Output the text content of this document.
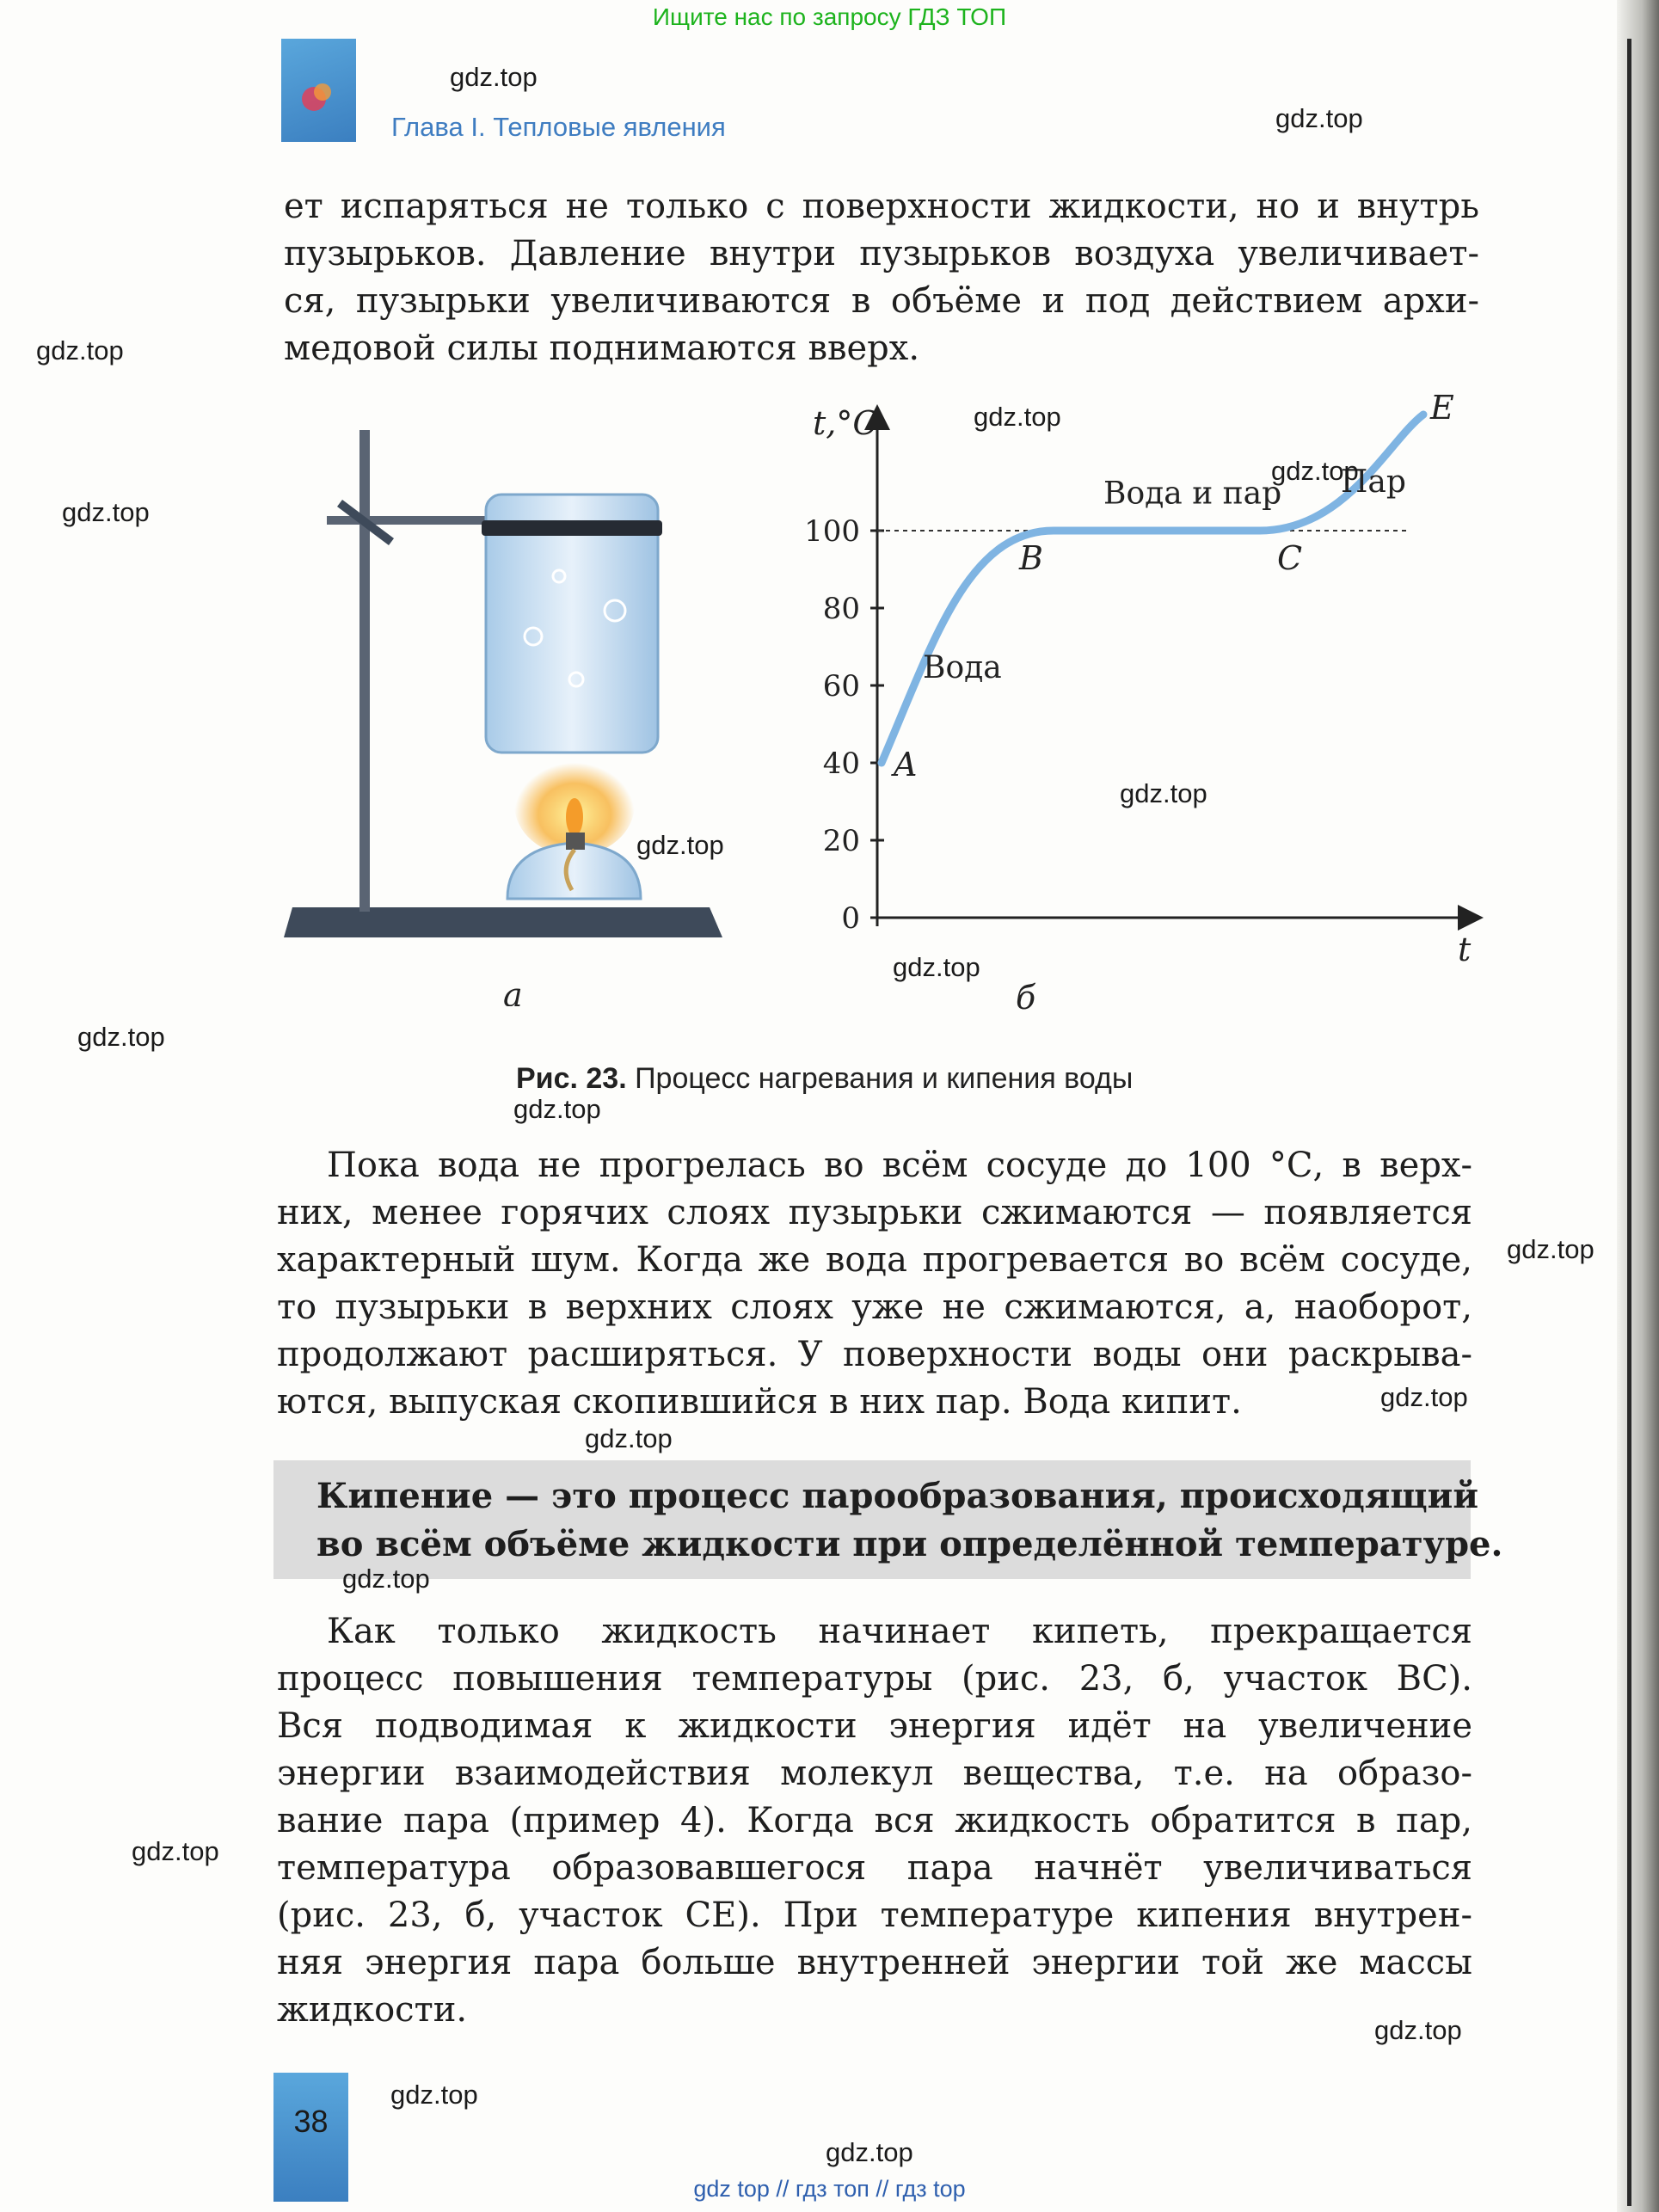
Ищите нас по запросу ГДЗ ТОП
gdz top // гдз топ // гдз top
Глава I. Тепловые явления
ет испаряться не только с поверхности жидкости, но и внутрь
пузырьков. Давление внутри пузырьков воздуха увеличивает-
ся, пузырьки увеличиваются в объёме и под действием архи-
медовой силы поднимаются вверх.
а
t,°C
t
0
20
40
60
80
100
A
B	C
E
Вода
Вода и пар Пар
б
Рис. 23. Процесс нагревания и кипения воды
Пока вода не прогрелась во всём сосуде до 100 °С, в верх-
них, менее горячих слоях пузырьки сжимаются — появляется
характерный шум. Когда же вода прогревается во всём сосуде,
то пузырьки в верхних слоях уже не сжимаются, а, наоборот,
продолжают расширяться. У поверхности воды они раскрыва-
ются, выпуская скопившийся в них пар. Вода кипит.
Кипение — это процесс парообразования, происходящий
во всём объёме жидкости при определённой температуре.
Как только жидкость начинает кипеть, прекращается
процесс повышения температуры (рис. 23, б, участок ВС).
Вся подводимая к жидкости энергия идёт на увеличение
энергии взаимодействия молекул вещества, т.е. на образо-
вание пара (пример 4). Когда вся жидкость обратится в пар,
температура образовавшегося пара начнёт увеличиваться
(рис. 23, б, участок СЕ). При температуре кипения внутрен-
няя энергия пара больше внутренней энергии той же массы
жидкости.
38
gdz.top
gdz.top
gdz.top
gdz.top
gdz.top
gdz.top
gdz.top
gdz.top
gdz.top
gdz.top
gdz.top
gdz.top
gdz.top
gdz.top
gdz.top
gdz.top
gdz.top
gdz.top
gdz.top
